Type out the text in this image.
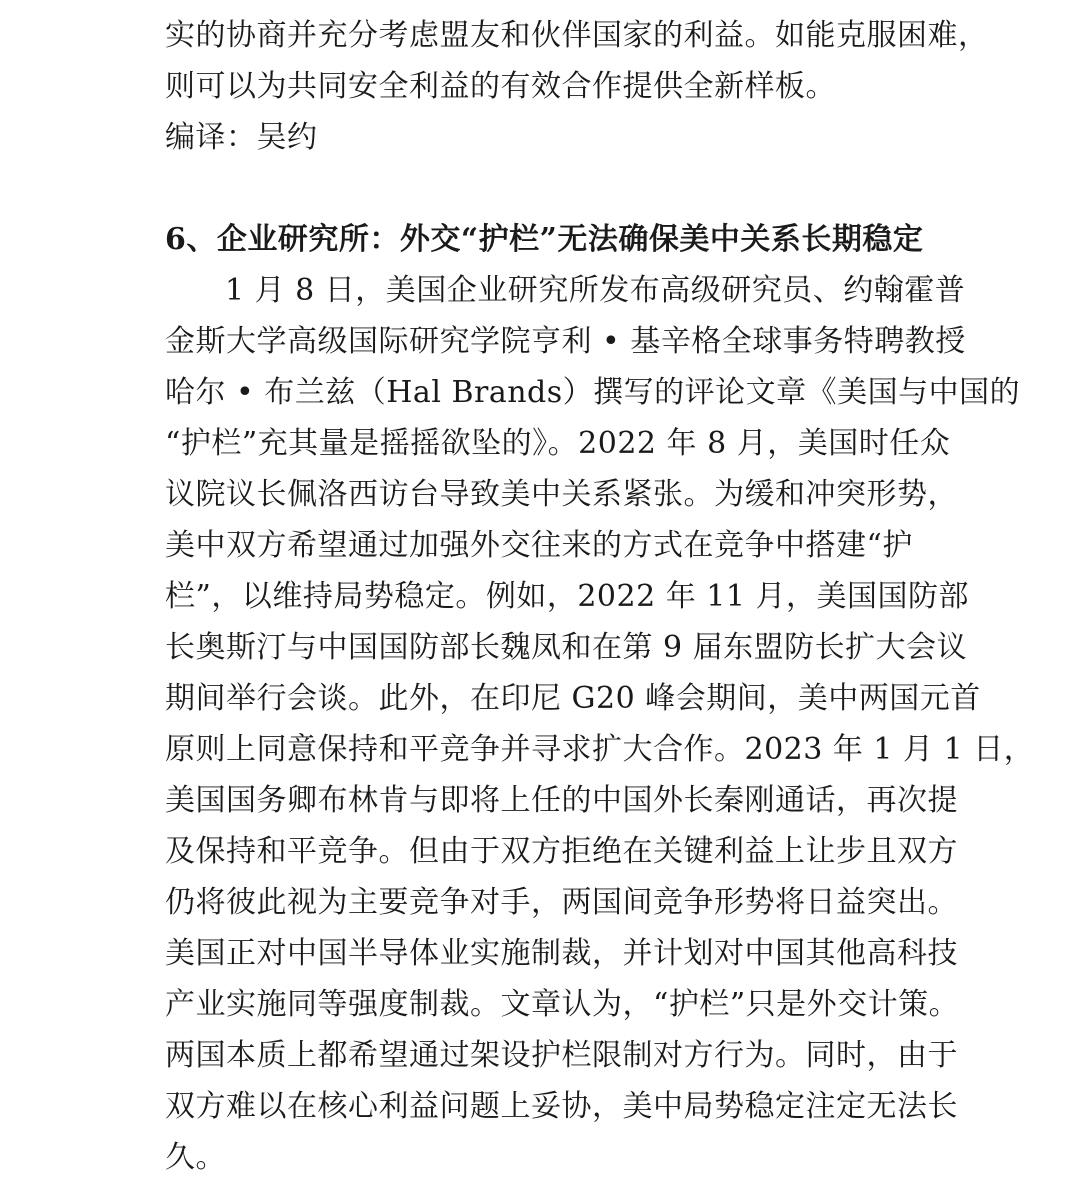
实的协商并充分考虑盟友和伙伴国家的利益。如能克服困难，
则可以为共同安全利益的有效合作提供全新样板。
编译：吴约
6、企业研究所：外交“护栏”无法确保美中关系长期稳定
1 月 8 日，美国企业研究所发布高级研究员、约翰霍普
金斯大学高级国际研究学院亨利 • 基辛格全球事务特聘教授
哈尔 • 布兰兹（Hal Brands）撰写的评论文章《美国与中国的
“护栏”充其量是摇摇欲坠的》。2022 年 8 月，美国时任众
议院议长佩洛西访台导致美中关系紧张。为缓和冲突形势，
美中双方希望通过加强外交往来的方式在竞争中搭建“护
栏”，以维持局势稳定。例如，2022 年 11 月，美国国防部
长奥斯汀与中国国防部长魏凤和在第 9 届东盟防长扩大会议
期间举行会谈。此外，在印尼 G20 峰会期间，美中两国元首
原则上同意保持和平竞争并寻求扩大合作。2023 年 1 月 1 日，
美国国务卿布林肯与即将上任的中国外长秦刚通话，再次提
及保持和平竞争。但由于双方拒绝在关键利益上让步且双方
仍将彼此视为主要竞争对手，两国间竞争形势将日益突出。
美国正对中国半导体业实施制裁，并计划对中国其他高科技
产业实施同等强度制裁。文章认为，“护栏”只是外交计策。
两国本质上都希望通过架设护栏限制对方行为。同时，由于
双方难以在核心利益问题上妥协，美中局势稳定注定无法长
久。
